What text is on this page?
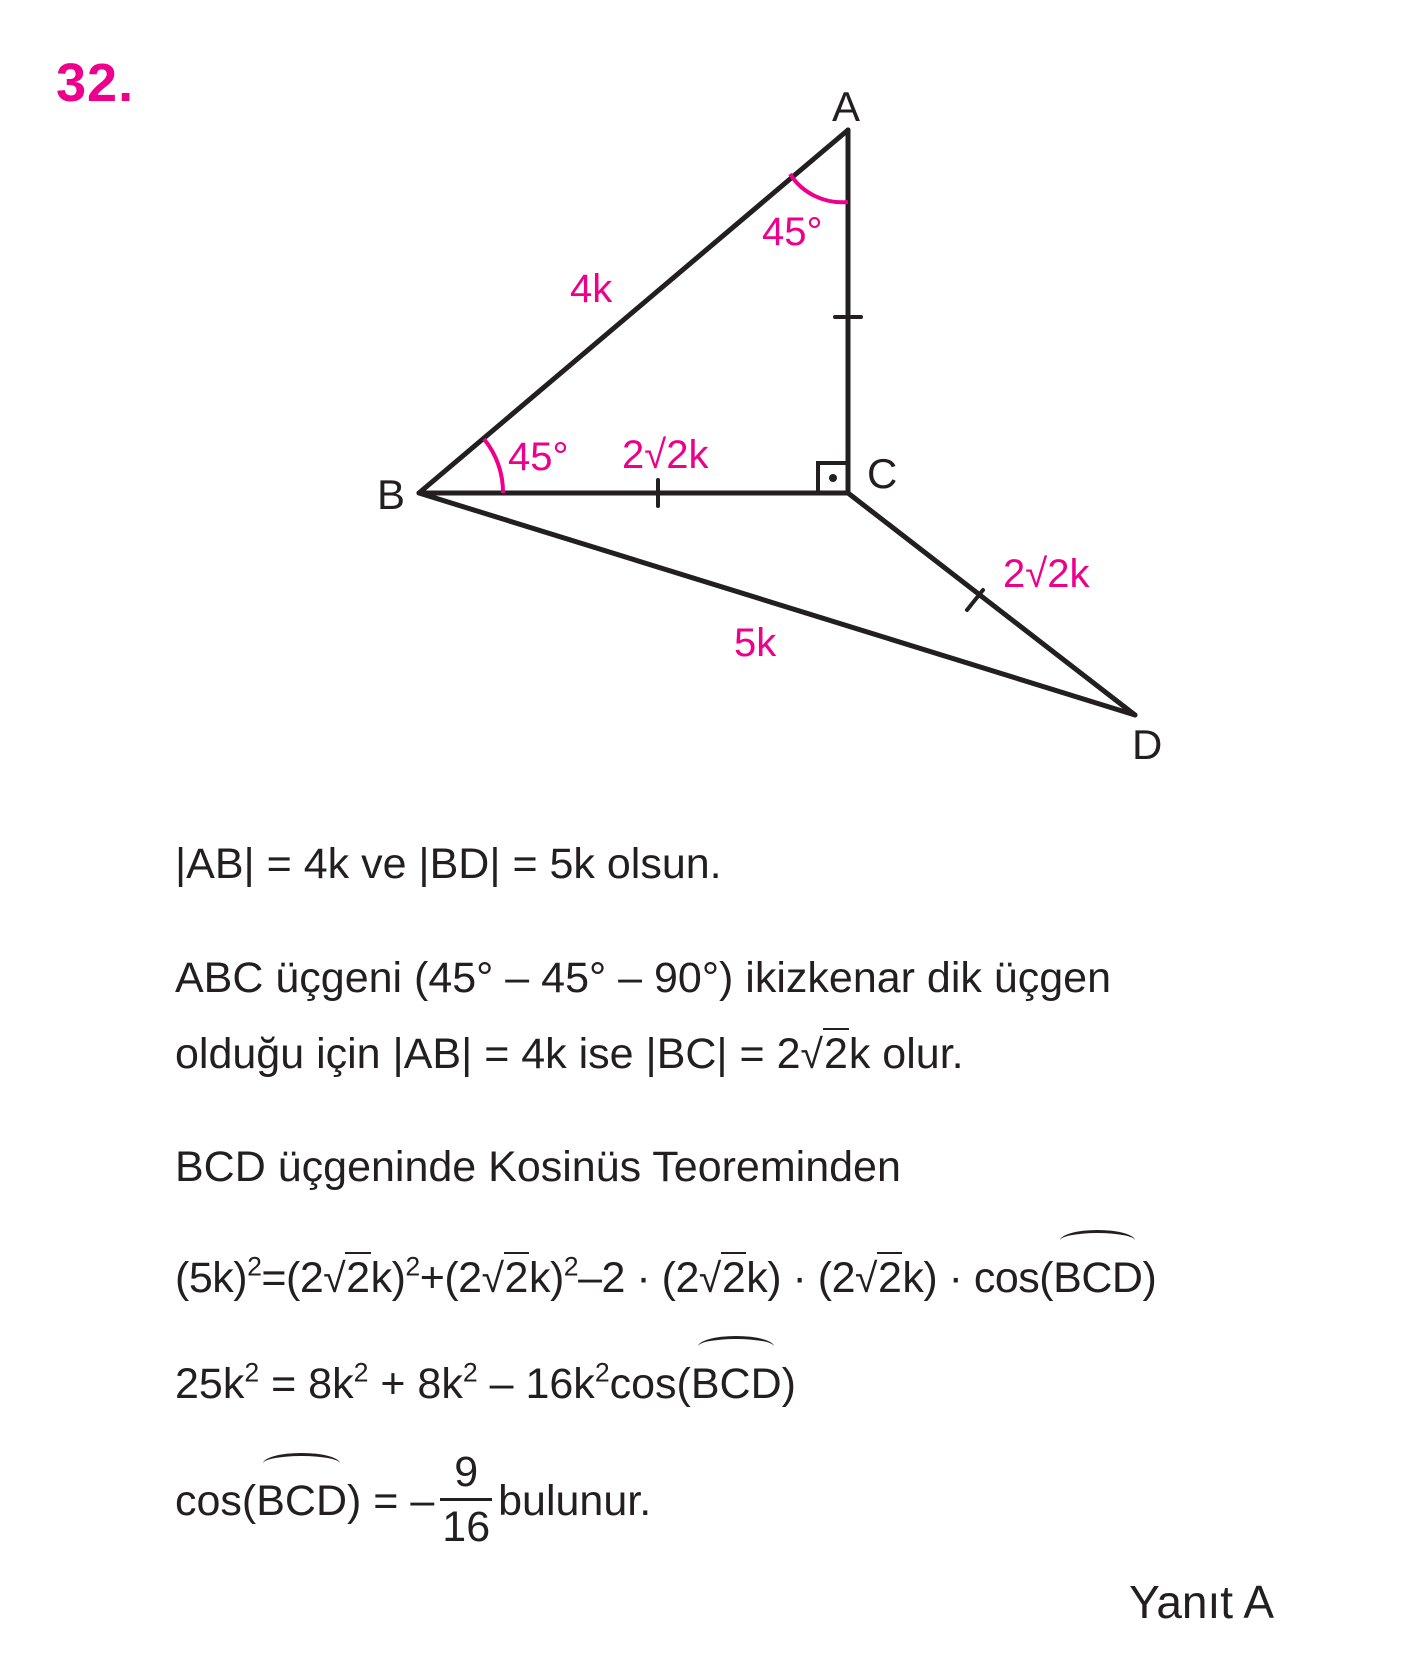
32.	A
B	C
D
45°
45°
4k
2√2k
2√2k
5k
|AB| = 4k ve |BD| = 5k olsun.
ABC üçgeni (45° – 45° – 90°) ikizkenar dik üçgen
olduğu için |AB| = 4k ise |BC| = 2√2k olur.
BCD üçgeninde Kosinüs Teoreminden
$(5k)^2=(2√2k)^2+(2√2k)^2-2 \cdot (2√2k) \cdot (2√2k) \cdot \cos(BCD)$
$25k^2 = 8k^2 + 8k^2 - 16k^2\cos(BCD)$
cos(BCD) = – $\frac{9}{16}$ bulunur.
Yanıt A
